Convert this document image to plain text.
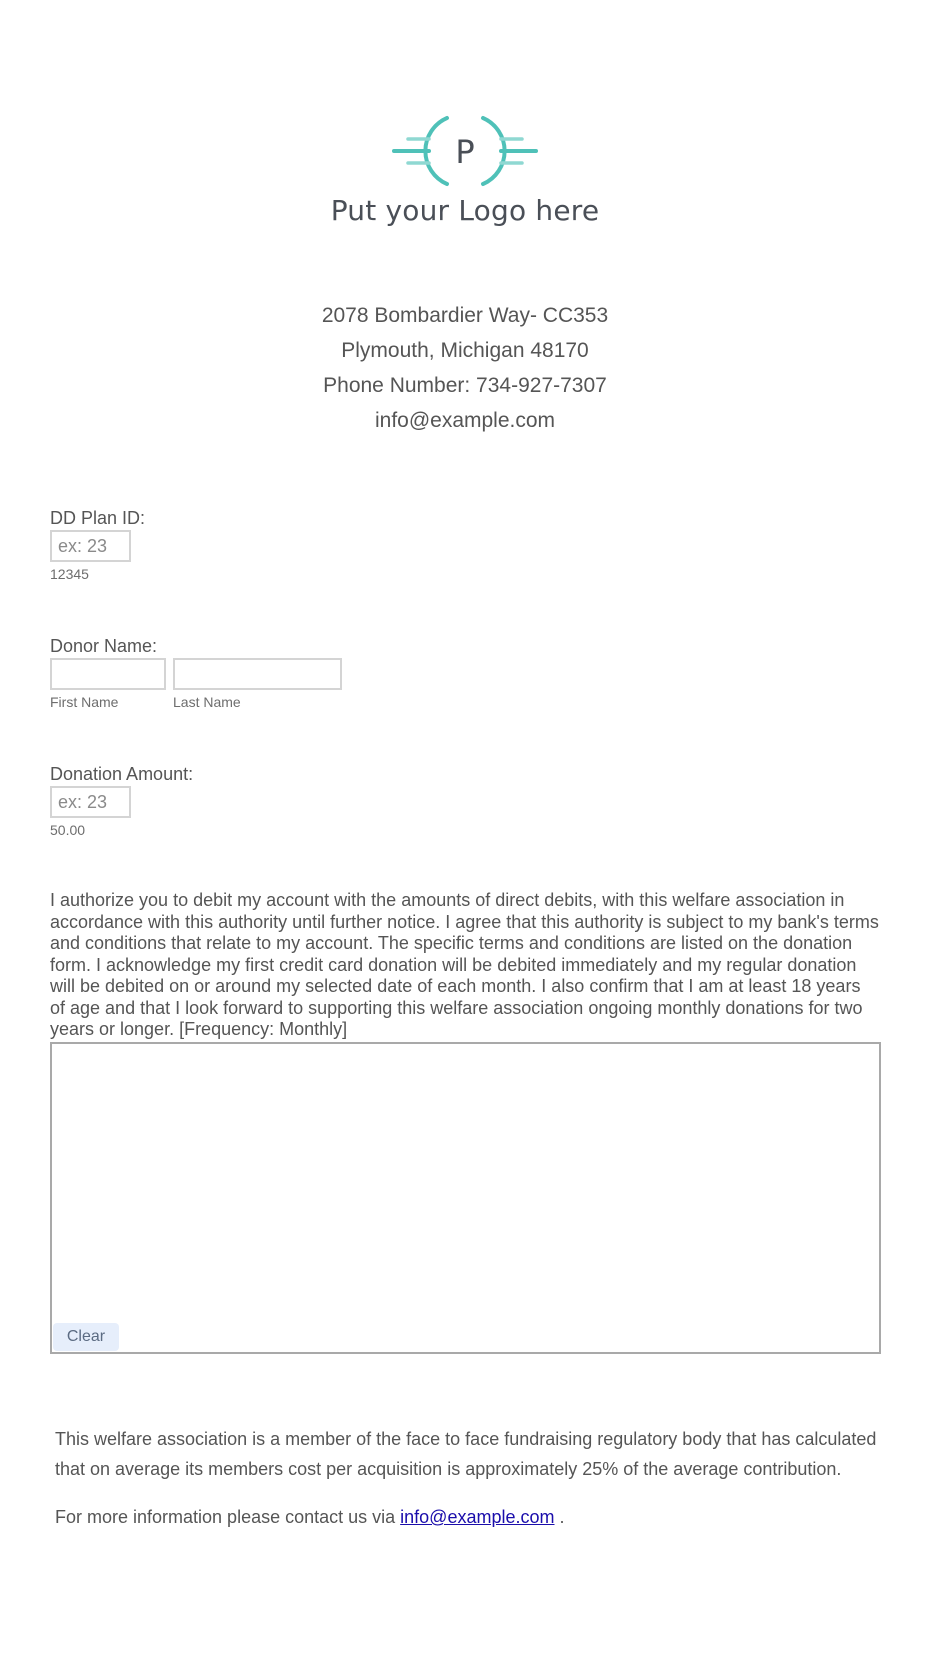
P
Put your Logo here
2078 Bombardier Way- CC353
Plymouth, Michigan 48170
Phone Number: 734-927-7307
info@example.com
DD Plan ID:
ex: 23
12345
Donor Name:
First Name	Last Name
Donation Amount:
ex: 23
50.00

I authorize you to debit my account with the amounts of direct debits, with this welfare association in accordance with this authority until further notice. I agree that this authority is subject to my bank's terms and conditions that relate to my account. The specific terms and conditions are listed on the donation form. I acknowledge my first credit card donation will be debited immediately and my regular donation will be debited on or around my selected date of each month. I also confirm that I am at least 18 years of age and that I look forward to supporting this welfare association ongoing monthly donations for two years or longer. [Frequency: Monthly]

Clear

This welfare association is a member of the face to face fundraising regulatory body that has calculated that on average its members cost per acquisition is approximately 25% of the average contribution.

For more information please contact us via info@example.com .
